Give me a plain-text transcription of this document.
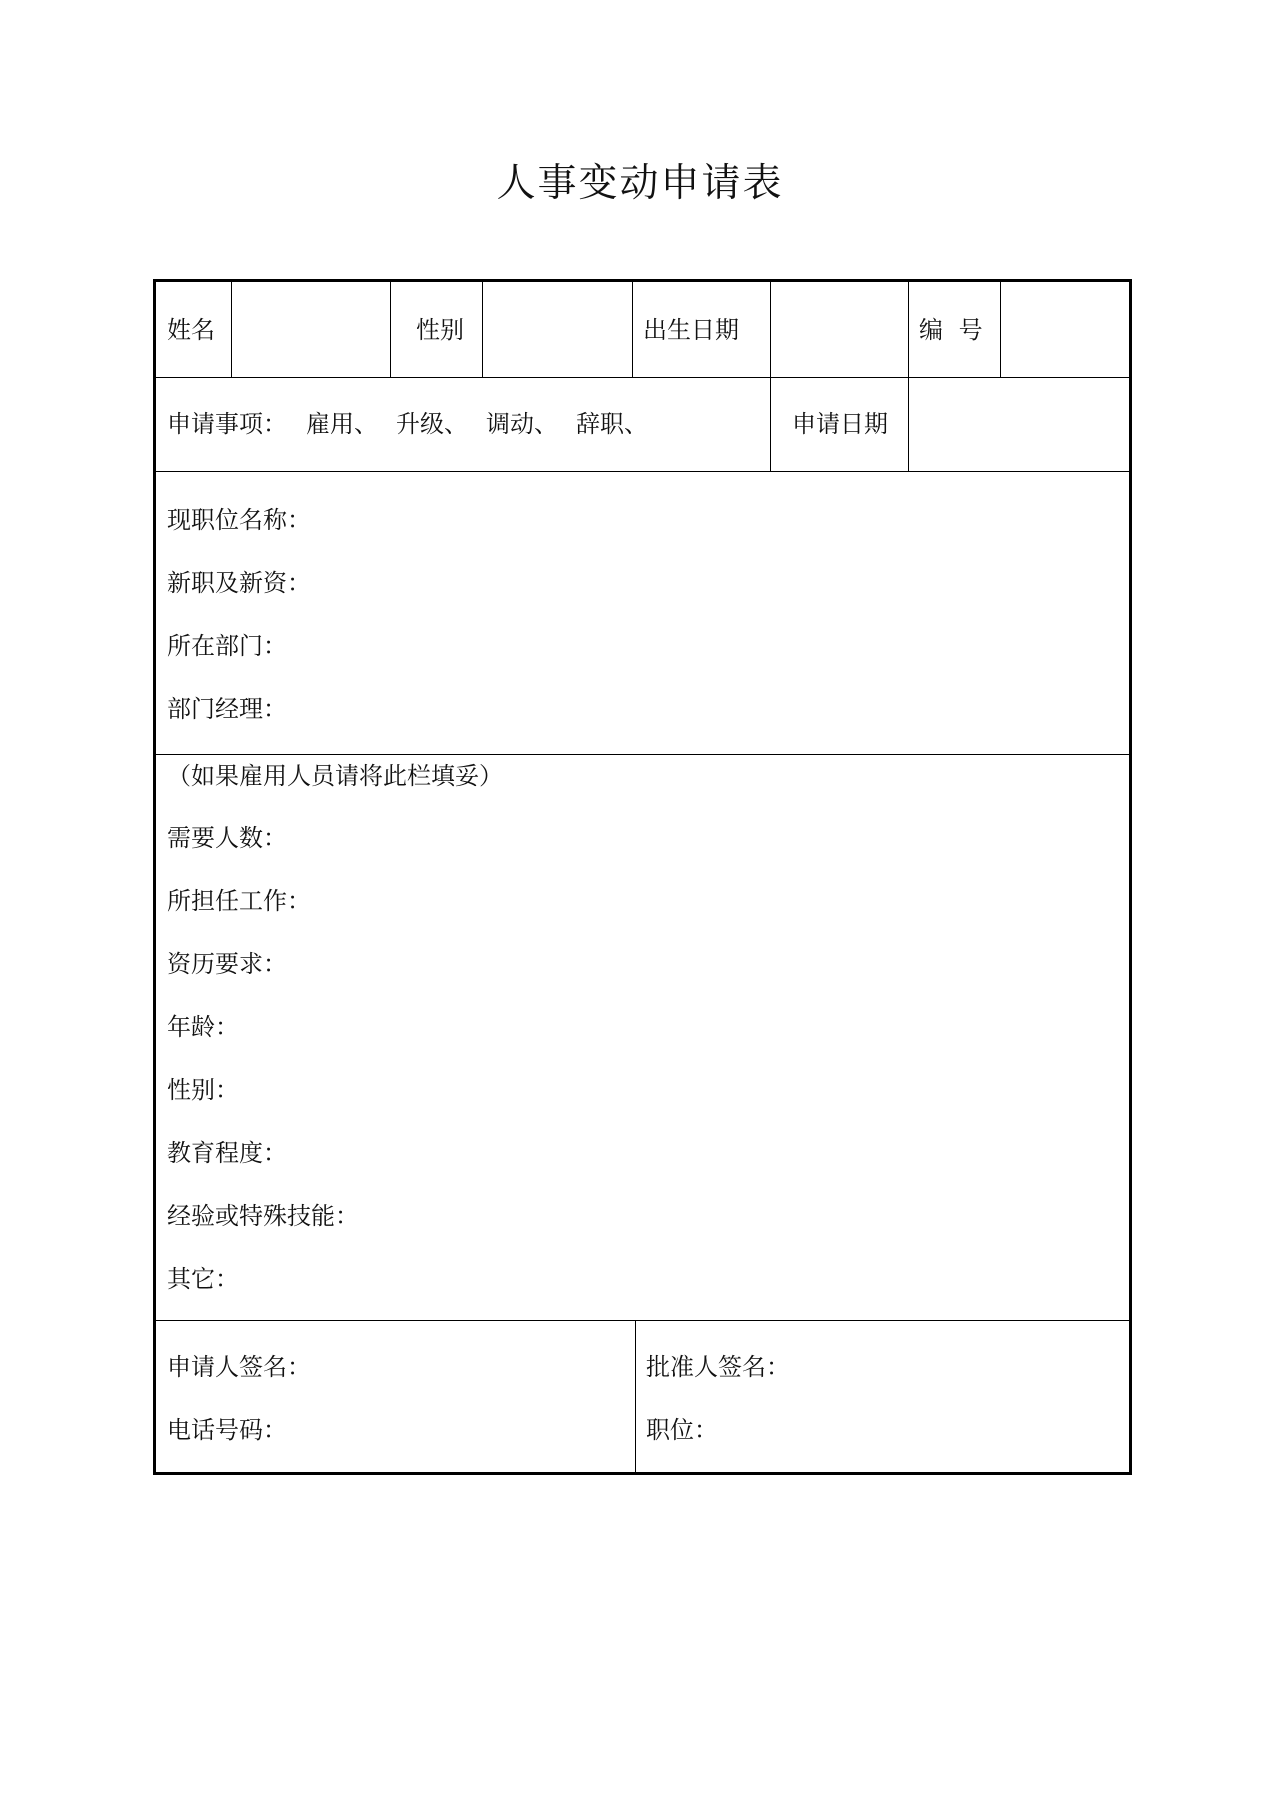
人事变动申请表
姓名	性别	出生日期	编 号
申请事项： 雇用、 升级、 调动、 辞职、	申请日期
现职位名称：
新职及新资：
所在部门：
部门经理：
（如果雇用人员请将此栏填妥）
需要人数：
所担任工作：
资历要求：
年龄：
性别：
教育程度：
经验或特殊技能：
其它：
申请人签名：
电话号码：
批准人签名：
职位：
